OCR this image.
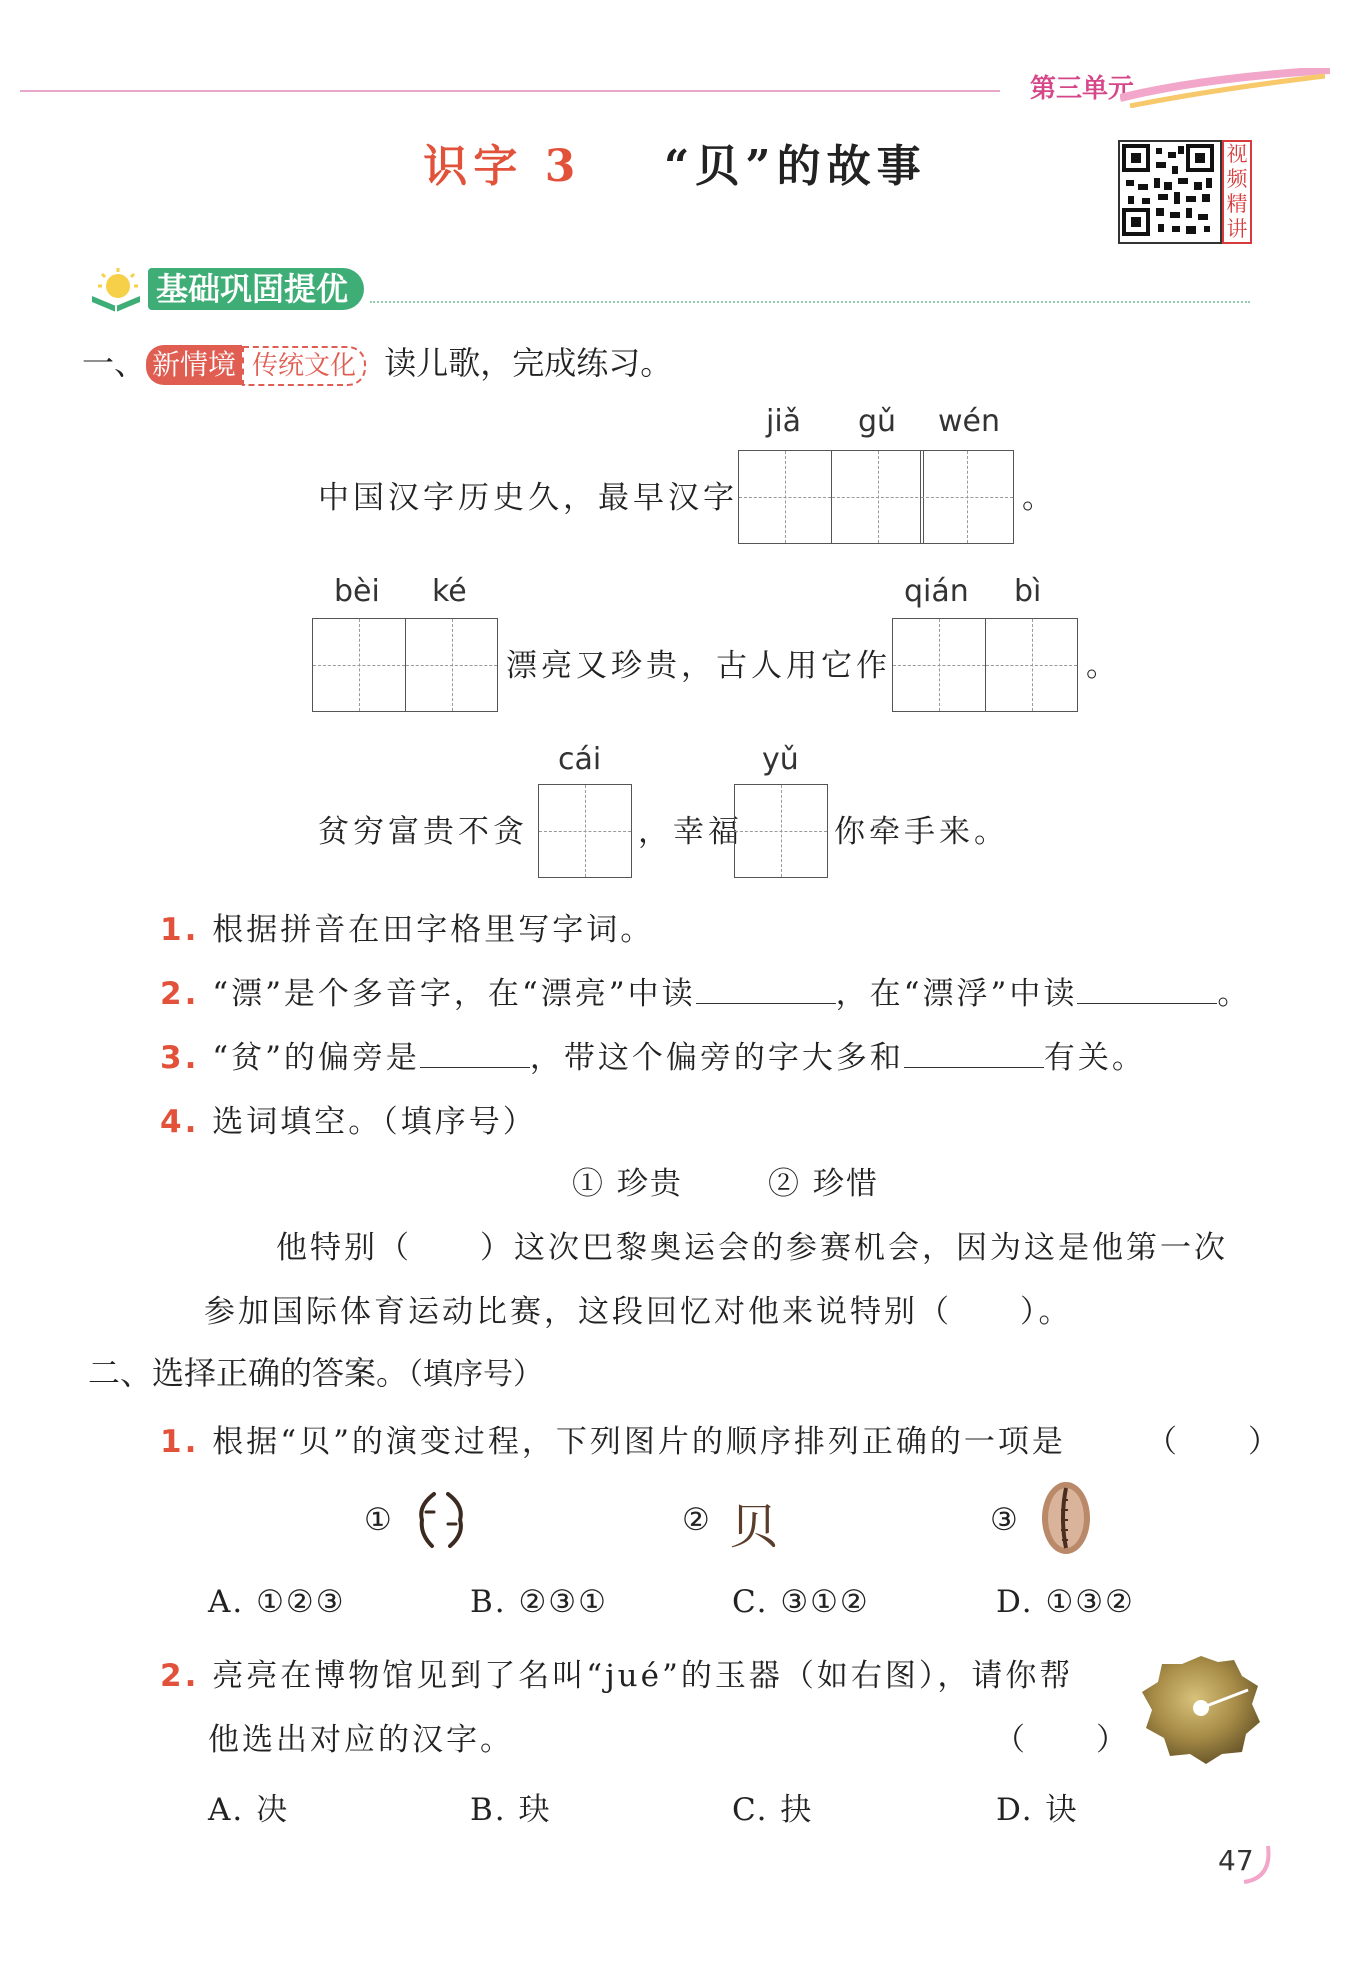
第三单元
识字 3 “贝”的故事	视频精讲
基础巩固提优
一、 新情境 传统文化 读儿歌，完成练习。
jiǎ gǔ wén
中国汉字历史久，最早汉字	。
bèi ké	qián bì
漂亮又珍贵，古人用它作	。
cái	yǔ
贫穷富贵不贪	，幸福	你牵手来。
1. 根据拼音在田字格里写字词。
2. “漂”是个多音字，在“漂亮”中读	，在“漂浮”中读	。
3. “贫”的偏旁是	，带这个偏旁的字大多和	有关。
4. 选词填空。（填序号）
① 珍贵	② 珍惜
他特别（　　）这次巴黎奥运会的参赛机会，因为这是他第一次
参加国际体育运动比赛，这段回忆对他来说特别（　　）。
二、选择正确的答案。（填序号）
1. 根据“贝”的演变过程，下列图片的顺序排列正确的一项是	（　　）
①	② 贝	③
A. ①②③	B. ②③①	C. ③①②	D. ①③②
2. 亮亮在博物馆见到了名叫“jué”的玉器（如右图），请你帮
他选出对应的汉字。	（　　）
A. 决	B. 玦	C. 抉	D. 诀
47
